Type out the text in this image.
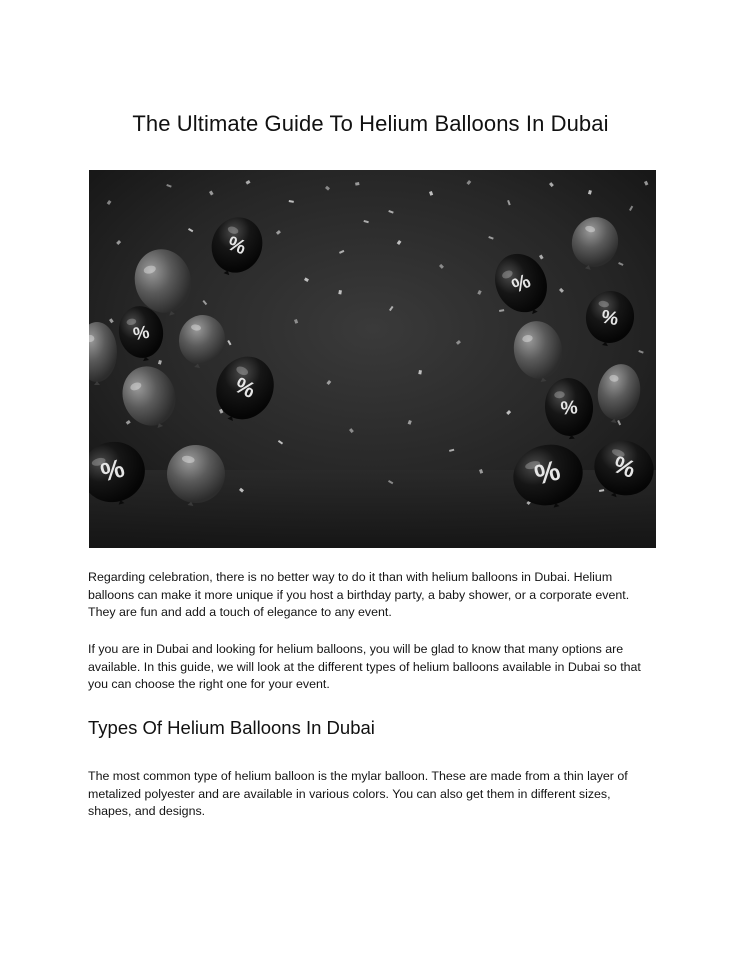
The Ultimate Guide To Helium Balloons In Dubai
%
%
%
%
%
%
%
% %

Regarding celebration, there is no better way to do it than with helium balloons in Dubai. Helium balloons can make it more unique if you host a birthday party, a baby shower, or a corporate event. They are fun and add a touch of elegance to any event.

If you are in Dubai and looking for helium balloons, you will be glad to know that many options are available. In this guide, we will look at the different types of helium balloons available in Dubai so that you can choose the right one for your event.

Types Of Helium Balloons In Dubai

The most common type of helium balloon is the mylar balloon. These are made from a thin layer of metalized polyester and are available in various colors. You can also get them in different sizes, shapes, and designs.
